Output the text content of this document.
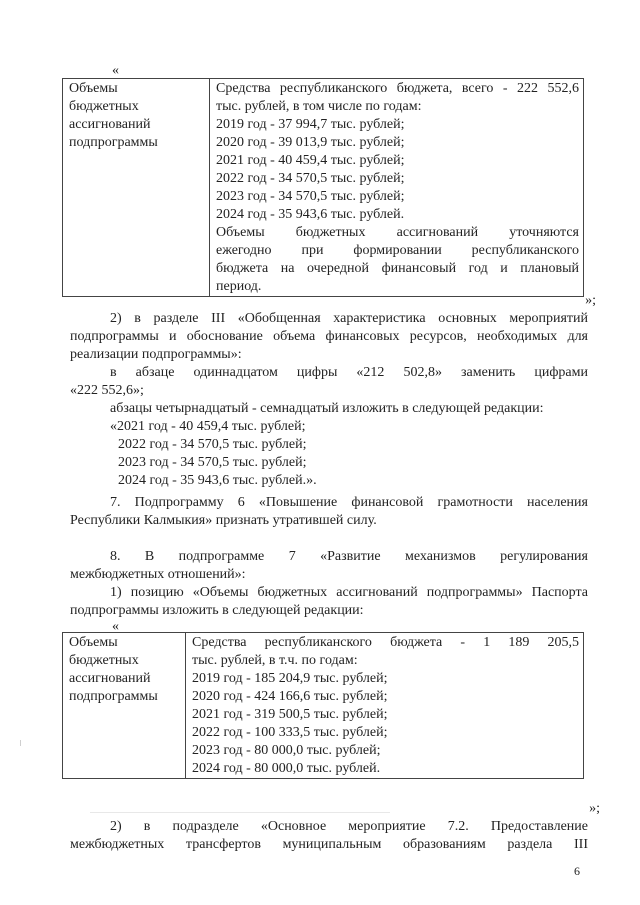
«
Объемы
бюджетных
ассигнований
подпрограммы

Средства республиканского бюджета, всего - 222 552,6
тыс. рублей, в том числе по годам:
2019 год - 37 994,7 тыс. рублей;
2020 год - 39 013,9 тыс. рублей;
2021 год - 40 459,4 тыс. рублей;
2022 год - 34 570,5 тыс. рублей;
2023 год - 34 570,5 тыс. рублей;
2024 год - 35 943,6 тыс. рублей.
Объемы бюджетных ассигнований уточняются
ежегодно при формировании республиканского
бюджета на очередной финансовый год и плановый
период.
»;
2) в разделе III «Обобщенная характеристика основных мероприятий
подпрограммы и обоснование объема финансовых ресурсов, необходимых для
реализации подпрограммы»:
в абзаце одиннадцатом цифры «212 502,8» заменить цифрами
«222 552,6»;
абзацы четырнадцатый - семнадцатый изложить в следующей редакции:
«2021 год - 40 459,4 тыс. рублей;
2022 год - 34 570,5 тыс. рублей;
2023 год - 34 570,5 тыс. рублей;
2024 год - 35 943,6 тыс. рублей.».
7. Подпрограмму 6 «Повышение финансовой грамотности населения
Республики Калмыкия» признать утратившей силу.
8. В подпрограмме 7 «Развитие механизмов регулирования
межбюджетных отношений»:
1) позицию «Объемы бюджетных ассигнований подпрограммы» Паспорта
подпрограммы изложить в следующей редакции:
«
Объемы
бюджетных
ассигнований
подпрограммы

Средства республиканского бюджета - 1 189 205,5
тыс. рублей, в т.ч. по годам:
2019 год - 185 204,9 тыс. рублей;
2020 год - 424 166,6 тыс. рублей;
2021 год - 319 500,5 тыс. рублей;
2022 год - 100 333,5 тыс. рублей;
2023 год - 80 000,0 тыс. рублей;
2024 год - 80 000,0 тыс. рублей.
»;
2) в подразделе «Основное мероприятие 7.2. Предоставление
межбюджетных трансфертов муниципальным образованиям раздела III
6
